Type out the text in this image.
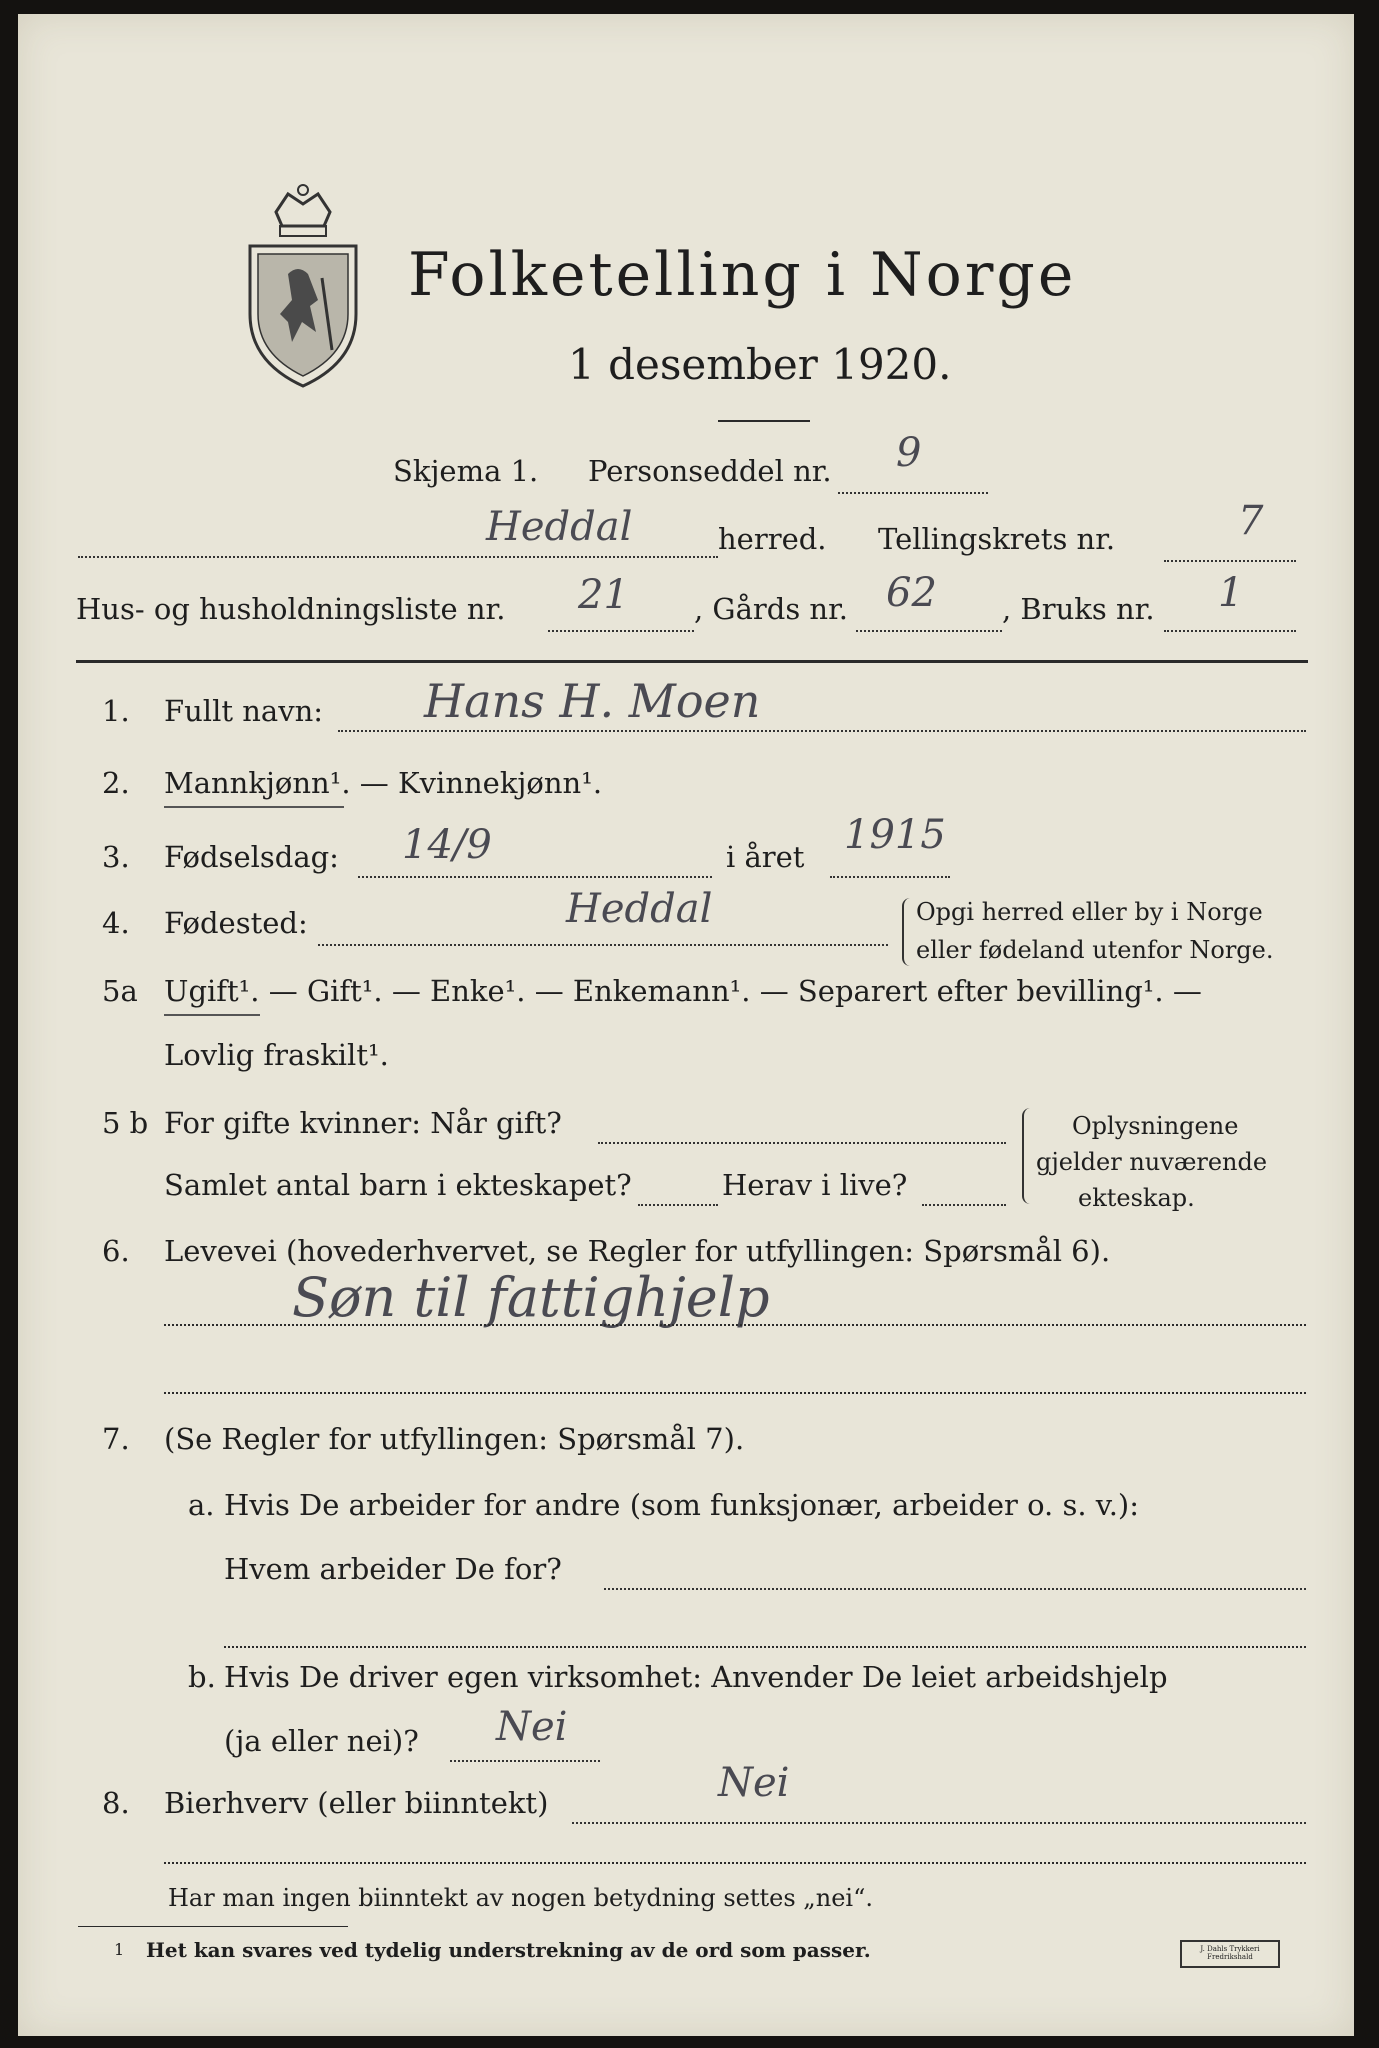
Folketelling i Norge
1 desember 1920.
Skjema 1. Personseddel nr. 9
Heddal	herred. Tellingskrets nr.	7
Hus- og husholdningsliste nr. 21 , Gårds nr. 62 , Bruks nr. 1
1. Fullt navn: Hans H. Moen
2. Mannkjønn¹. — Kvinnekjønn¹.
3. Fødselsdag: 14/9	i året 1915
4. Fødested:	Heddal	Opgi herred eller by i Norge
eller fødeland utenfor Norge.
5a Ugift¹. — Gift¹. — Enke¹. — Enkemann¹. — Separert efter bevilling¹. —
Lovlig fraskilt¹.
5 b For gifte kvinner: Når gift?
Samlet antal barn i ekteskapet?	Herav i live?
Oplysningene
gjelder nuværende
ekteskap.
6. Levevei (hovederhvervet, se Regler for utfyllingen: Spørsmål 6).
Søn til fattighjelp
7. (Se Regler for utfyllingen: Spørsmål 7).
a. Hvis De arbeider for andre (som funksjonær, arbeider o. s. v.):
Hvem arbeider De for?
b. Hvis De driver egen virksomhet: Anvender De leiet arbeidshjelp
(ja eller nei)? Nei
8. Bierhverv (eller biinntekt)	Nei
Har man ingen biinntekt av nogen betydning settes „nei“.
1 Het kan svares ved tydelig understrekning av de ord som passer.	J. Dahls Trykkeri Fredrikshald
